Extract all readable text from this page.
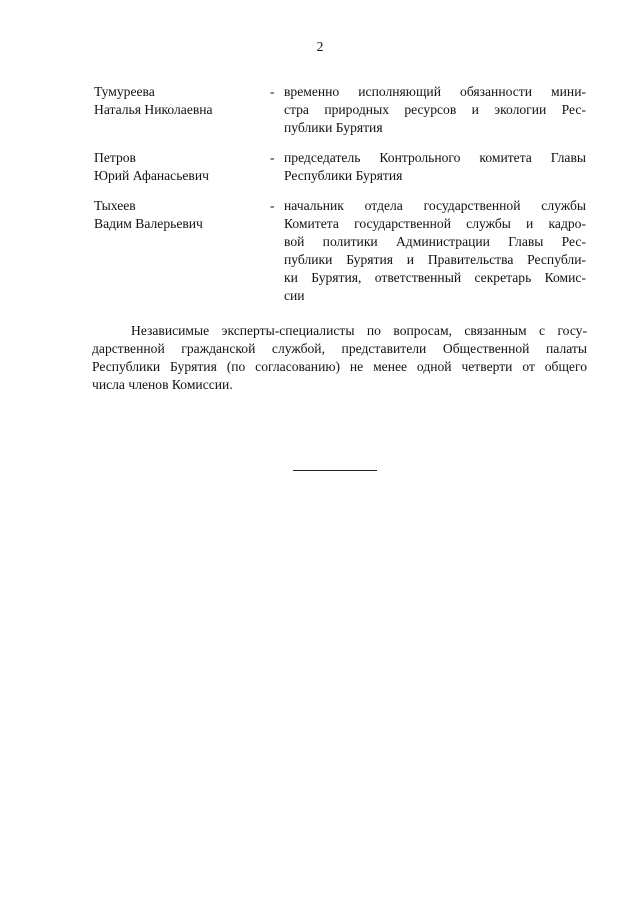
2
Тумуреева
Наталья Николаевна
- временно исполняющий обязанности мини-
стра природных ресурсов и экологии Рес-
публики Бурятия
Петров
Юрий Афанасьевич
- председатель Контрольного комитета Главы
Республики Бурятия
Тыхеев
Вадим Валерьевич
- начальник отдела государственной службы
Комитета государственной службы и кадро-
вой политики Администрации Главы Рес-
публики Бурятия и Правительства Республи-
ки Бурятия, ответственный секретарь Комис-
сии
Независимые эксперты-специалисты по вопросам, связанным с госу-
дарственной гражданской службой, представители Общественной палаты
Республики Бурятия (по согласованию) не менее одной четверти от общего
числа членов Комиссии.
